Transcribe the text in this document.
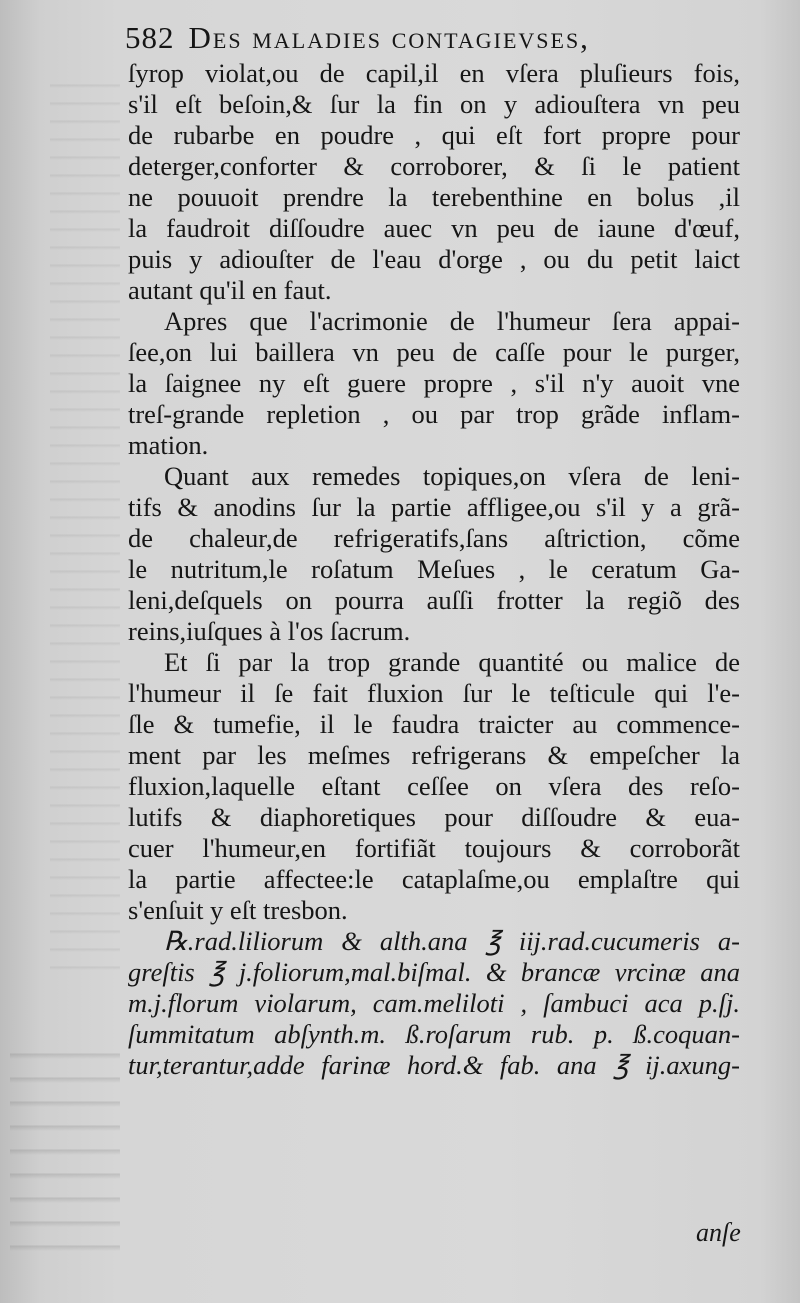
582 Des maladies contagievses,
ſyrop violat,ou de capil,il en vſera pluſieurs fois,
s'il eſt beſoin,& ſur la fin on y adiouſtera vn peu
de rubarbe en poudre , qui eſt fort propre pour
deterger,conforter & corroborer, & ſi le patient
ne pouuoit prendre la terebenthine en bolus ,il
la faudroit diſſoudre auec vn peu de iaune d'œuf,
puis y adiouſter de l'eau d'orge , ou du petit laict
autant qu'il en faut.
Apres que l'acrimonie de l'humeur ſera appai-
ſee,on lui baillera vn peu de caſſe pour le purger,
la ſaignee ny eſt guere propre , s'il n'y auoit vne
treſ-grande repletion , ou par trop grãde inflam-
mation.
Quant aux remedes topiques,on vſera de leni-
tifs & anodins ſur la partie affligee,ou s'il y a grã-
de chaleur,de refrigeratifs,ſans aſtriction, cõme
le nutritum,le roſatum Meſues , le ceratum Ga-
leni,deſquels on pourra auſſi frotter la regiõ des
reins,iuſques à l'os ſacrum.
Et ſi par la trop grande quantité ou malice de
l'humeur il ſe fait fluxion ſur le teſticule qui l'e-
ſle & tumefie, il le faudra traicter au commence-
ment par les meſmes refrigerans & empeſcher la
fluxion,laquelle eſtant ceſſee on vſera des reſo-
lutifs & diaphoretiques pour diſſoudre & eua-
cuer l'humeur,en fortifiãt toujours & corroborãt
la partie affectee:le cataplaſme,ou emplaſtre qui
s'enſuit y eſt tresbon.
℞.rad.liliorum & alth.ana ℥ iij.rad.cucumeris a-
greſtis ℥ j.foliorum,mal.biſmal. & brancæ vrcinæ ana
m.j.florum violarum, cam.meliloti , ſambuci aca p.ſj.
ſummitatum abſynth.m. ß.roſarum rub. p. ß.coquan-
tur,terantur,adde farinæ hord.& fab. ana ℥ ij.axung-
anſe
